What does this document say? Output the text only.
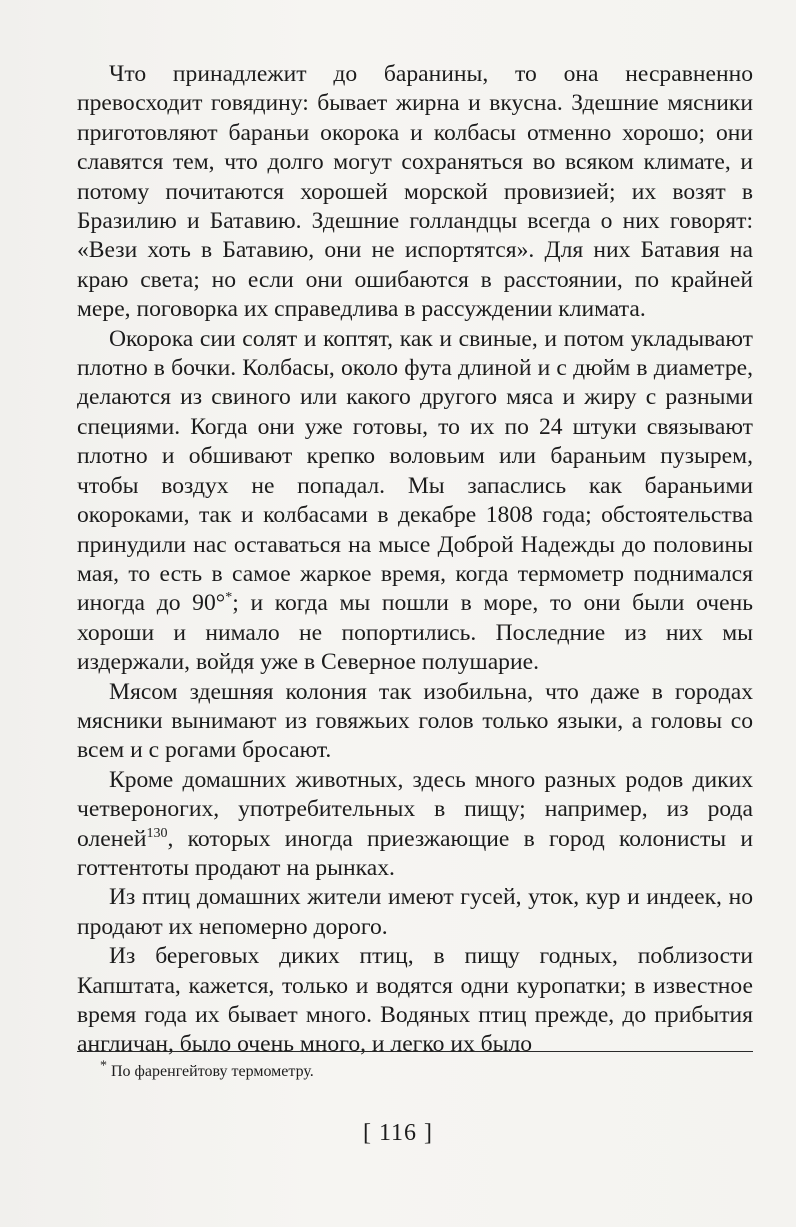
Что принадлежит до баранины, то она несравненно превосходит говядину: бывает жирна и вкусна. Здешние мясники приготовляют бараньи окорока и колбасы отменно хорошо; они славятся тем, что долго могут сохраняться во всяком климате, и потому почитаются хорошей морской провизией; их возят в Бразилию и Батавию. Здешние голландцы всегда о них говорят: «Вези хоть в Батавию, они не испортятся». Для них Батавия на краю света; но если они ошибаются в расстоянии, по крайней мере, поговорка их справедлива в рассуждении климата.

Окорока сии солят и коптят, как и свиные, и потом укладывают плотно в бочки. Колбасы, около фута длиной и с дюйм в диаметре, делаются из свиного или какого другого мяса и жиру с разными специями. Когда они уже готовы, то их по 24 штуки связывают плотно и обшивают крепко воловьим или бараньим пузырем, чтобы воздух не попадал. Мы запаслись как бараньими окороками, так и колбасами в декабре 1808 года; обстоятельства принудили нас оставаться на мысе Доброй Надежды до половины мая, то есть в самое жаркое время, когда термометр поднимался иногда до 90°*; и когда мы пошли в море, то они были очень хороши и нимало не попортились. Последние из них мы издержали, войдя уже в Северное полушарие.

Мясом здешняя колония так изобильна, что даже в городах мясники вынимают из говяжьих голов только языки, а головы со всем и с рогами бросают.

Кроме домашних животных, здесь много разных родов диких четвероногих, употребительных в пищу; например, из рода оленей$^{130}$, которых иногда приезжающие в город колонисты и готтентоты продают на рынках.

Из птиц домашних жители имеют гусей, уток, кур и индеек, но продают их непомерно дорого.

Из береговых диких птиц, в пищу годных, поблизости Капштата, кажется, только и водятся одни куропатки; в известное время года их бывает много. Водяных птиц прежде, до прибытия англичан, было очень много, и легко их было

* По фаренгейтову термометру.

[ 116 ]
